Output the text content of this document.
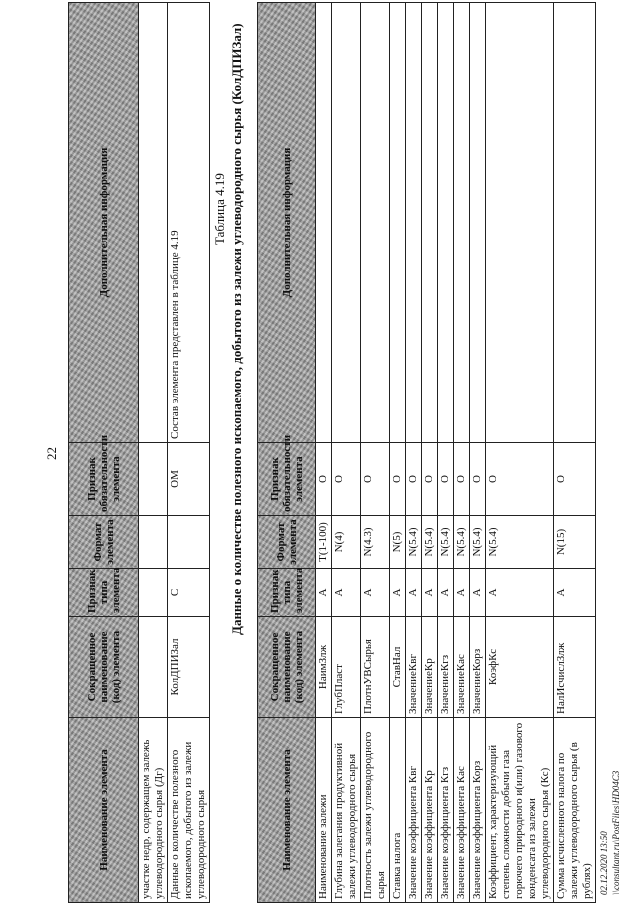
22
Наименование элемента	Сокращенное наименование (код) элемента	Признак типа элемента	Формат элемента	Признак обязательности элемента	Дополнительная информация
участке недр, содержащем залежь углеводородного сырья (Дг)					
Данные о количестве полезного ископаемого, добытого из залежи углеводородного сырья	КолДПИЗал	С		ОМ	Состав элемента представлен в таблице 4.19
Таблица 4.19 Данные о количестве полезного ископаемого, добытого из залежи углеводородного сырья (КолДПИЗал)
Наименование элемента	Сокращенное наименование (код) элемента	Признак типа элемента	Формат элемента	Признак обязательности элемента	Дополнительная информация
Наименование залежи	НаимЗлж	А	T(1-100)	О	
Глубина залегания продуктивной залежи углеводородного сырья	ГлубПласт	А	N(4)	О	
Плотность залежи углеводородного сырья	ПлотнУВСырья	А	N(4.3)	О	
Ставка налога	СтавНал	А	N(5)	О	
Значение коэффициента Квг	ЗначениеКвг	А	N(5.4)	О	
Значение коэффициента Кр	ЗначениеКр	А	N(5.4)	О	
Значение коэффициента Кгз	ЗначениеКгз	А	N(5.4)	О	
Значение коэффициента Кас	ЗначениеКас	А	N(5.4)	О	
Значение коэффициента Корз	ЗначениеКорз	А	N(5.4)	О	
Коэффициент, характеризующий степень сложности добычи газа горючего природного и(или) газового конденсата из залежи углеводородного сырья (Кс)	КоэфКс	А	N(5.4)	О	
Сумма исчисленного налога по залежи углеводородного сырья (в рублях)	НалИсчислЗлж	А	N(15)	О	
02.12.2020 13:50 \\consultant.ru\PostFiles\HD04C3
